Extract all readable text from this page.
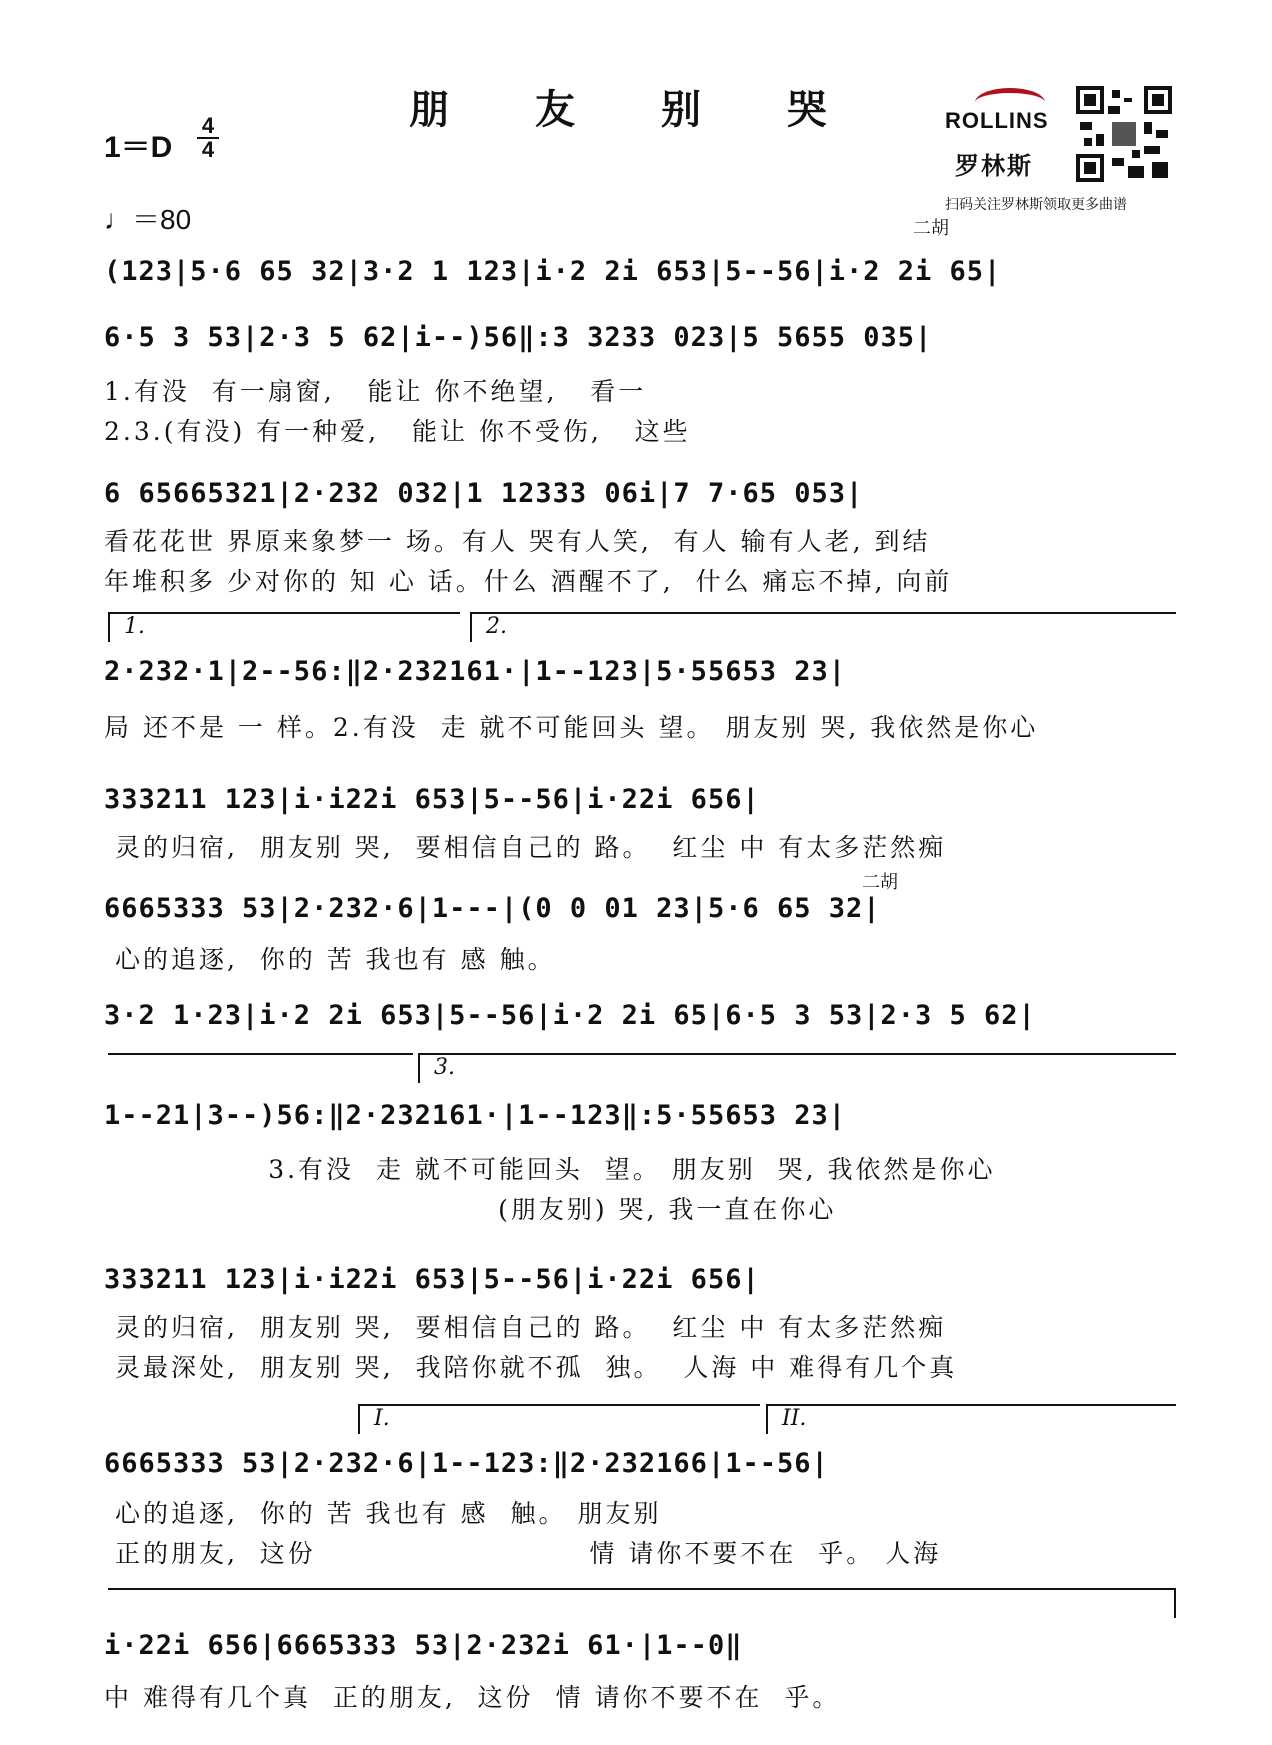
朋 友 别 哭
1＝D
4
4
♩＝80
ROLLINS
罗林斯
扫码关注罗林斯领取更多曲谱
二胡
二胡
1.	2.
3.
I.	II.
(123|5·6 65 32|3·2 1 123|i·2 2i 653|5--56|i·2 2i 65|
6·5 3 53|2·3 5 62|i--)56‖:3 3233 023|5 5655 035|
1.有没  有一扇窗,   能让 你不绝望,   看一
2.3.(有没) 有一种爱,   能让 你不受伤,   这些
6 65665321|2·232 032|1 12333 06i|7 7·65 053|
看花花世 界原来象梦一 场。有人 哭有人笑,  有人 输有人老, 到结
年堆积多 少对你的 知 心 话。什么 酒醒不了,  什么 痛忘不掉, 向前
2·232·1|2--56:‖2·232161·|1--123|5·55653 23|
局 还不是 一 样。2.有没  走 就不可能回头 望。 朋友别 哭, 我依然是你心
333211 123|i·i22i 653|5--56|i·22i 656|
灵的归宿,  朋友别 哭,  要相信自己的 路。  红尘 中 有太多茫然痴
6665333 53|2·232·6|1---|(0 0 01 23|5·6 65 32|
心的追逐,  你的 苦 我也有 感 触。
3·2 1·23|i·2 2i 653|5--56|i·2 2i 65|6·5 3 53|2·3 5 62|
1--21|3--)56:‖2·232161·|1--123‖:5·55653 23|
3.有没  走 就不可能回头  望。 朋友别  哭, 我依然是你心
(朋友别) 哭, 我一直在你心
333211 123|i·i22i 653|5--56|i·22i 656|
灵的归宿,  朋友别 哭,  要相信自己的 路。  红尘 中 有太多茫然痴
灵最深处,  朋友别 哭,  我陪你就不孤  独。  人海 中 难得有几个真
6665333 53|2·232·6|1--123:‖2·232166|1--56|
心的追逐,  你的 苦 我也有 感  触。 朋友别
正的朋友,  这份                         情 请你不要不在  乎。 人海
i·22i 656|6665333 53|2·232i 61·|1--0‖
中 难得有几个真  正的朋友,  这份  情 请你不要不在  乎。
